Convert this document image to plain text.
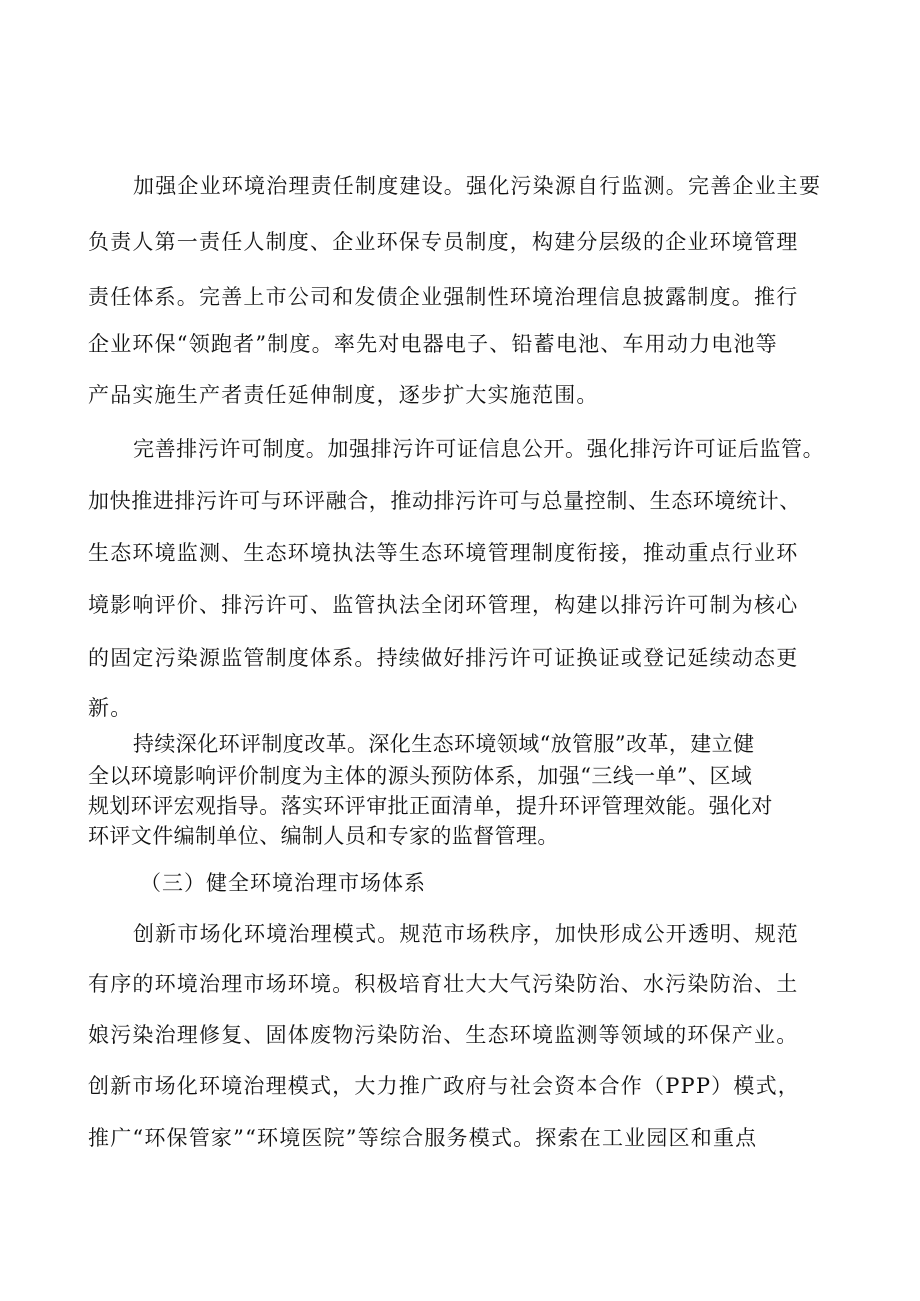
加强企业环境治理责任制度建设。强化污染源自行监测。完善企业主要
负责人第一责任人制度、企业环保专员制度，构建分层级的企业环境管理
责任体系。完善上市公司和发债企业强制性环境治理信息披露制度。推行
企业环保“领跑者”制度。率先对电器电子、铅蓄电池、车用动力电池等
产品实施生产者责任延伸制度，逐步扩大实施范围。
完善排污许可制度。加强排污许可证信息公开。强化排污许可证后监管。
加快推进排污许可与环评融合，推动排污许可与总量控制、生态环境统计、
生态环境监测、生态环境执法等生态环境管理制度衔接，推动重点行业环
境影响评价、排污许可、监管执法全闭环管理，构建以排污许可制为核心
的固定污染源监管制度体系。持续做好排污许可证换证或登记延续动态更
新。
持续深化环评制度改革。深化生态环境领域“放管服”改革，建立健
全以环境影响评价制度为主体的源头预防体系，加强“三线一单”、区域
规划环评宏观指导。落实环评审批正面清单，提升环评管理效能。强化对
环评文件编制单位、编制人员和专家的监督管理。
（三）健全环境治理市场体系
创新市场化环境治理模式。规范市场秩序，加快形成公开透明、规范
有序的环境治理市场环境。积极培育壮大大气污染防治、水污染防治、土
娘污染治理修复、固体废物污染防治、生态环境监测等领域的环保产业。
创新市场化环境治理模式，大力推广政府与社会资本合作（PPP）模式，
推广“环保管家”“环境医院”等综合服务模式。探索在工业园区和重点
